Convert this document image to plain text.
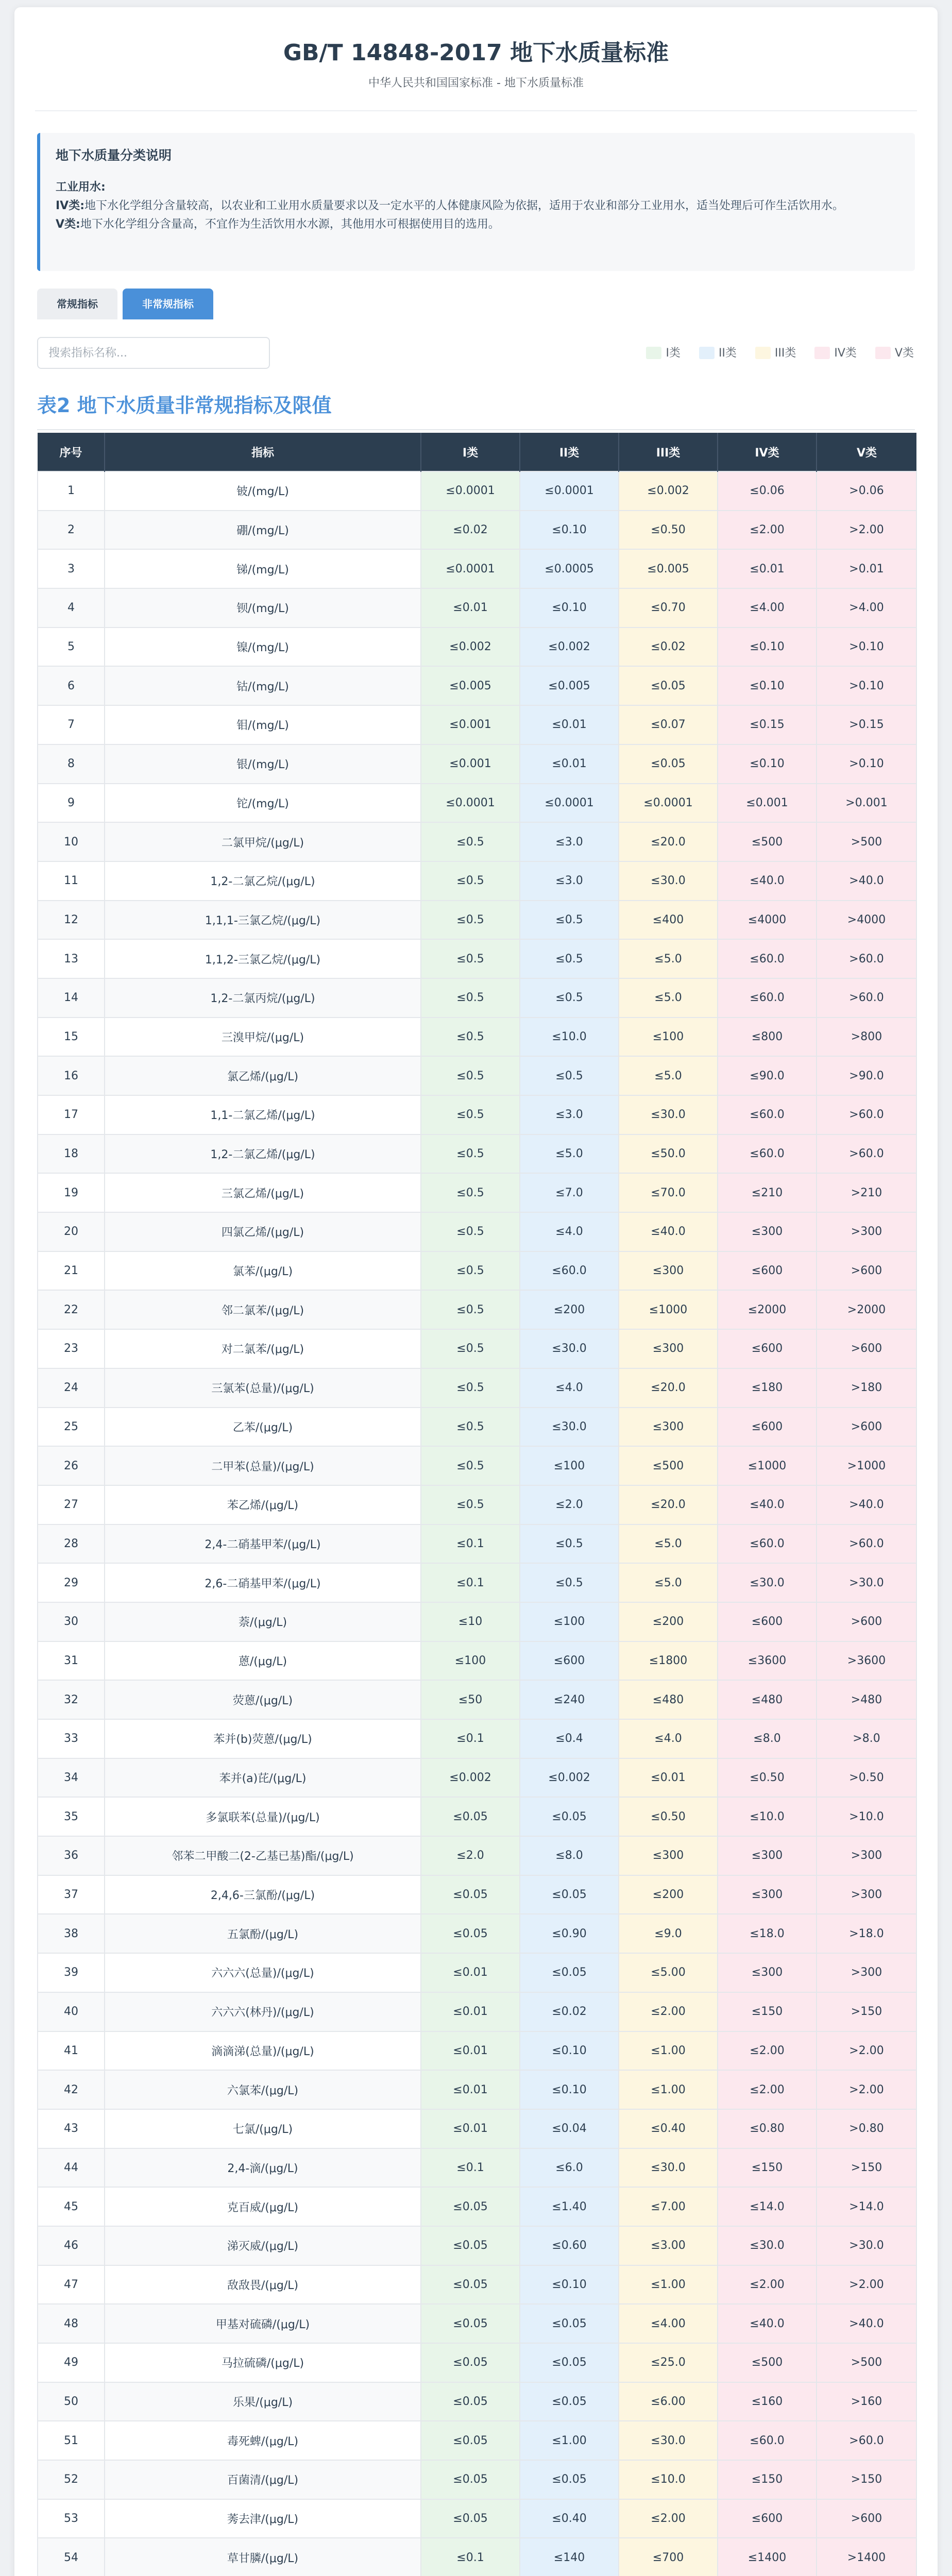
GB/T 14848-2017 地下水质量标准
中华人民共和国国家标准 - 地下水质量标准
地下水质量分类说明
工业用水:
IV类:地下水化学组分含量较高，以农业和工业用水质量要求以及一定水平的人体健康风险为依据，适用于农业和部分工业用水，适当处理后可作生活饮用水。
V类:地下水化学组分含量高，不宜作为生活饮用水水源，其他用水可根据使用目的选用。
常规指标	非常规指标
搜索指标名称...
I类	II类	III类	IV类	V类
表2 地下水质量非常规指标及限值
序号	指标	I类	II类	III类	IV类	V类
1	铍/(mg/L)	≤0.0001	≤0.0001	≤0.002	≤0.06	>0.06
2	硼/(mg/L)	≤0.02	≤0.10	≤0.50	≤2.00	>2.00
3	锑/(mg/L)	≤0.0001	≤0.0005	≤0.005	≤0.01	>0.01
4	钡/(mg/L)	≤0.01	≤0.10	≤0.70	≤4.00	>4.00
5	镍/(mg/L)	≤0.002	≤0.002	≤0.02	≤0.10	>0.10
6	钴/(mg/L)	≤0.005	≤0.005	≤0.05	≤0.10	>0.10
7	钼/(mg/L)	≤0.001	≤0.01	≤0.07	≤0.15	>0.15
8	银/(mg/L)	≤0.001	≤0.01	≤0.05	≤0.10	>0.10
9	铊/(mg/L)	≤0.0001	≤0.0001	≤0.0001	≤0.001	>0.001
10	二氯甲烷/(μg/L)	≤0.5	≤3.0	≤20.0	≤500	>500
11	1,2-二氯乙烷/(μg/L)	≤0.5	≤3.0	≤30.0	≤40.0	>40.0
12	1,1,1-三氯乙烷/(μg/L)	≤0.5	≤0.5	≤400	≤4000	>4000
13	1,1,2-三氯乙烷/(μg/L)	≤0.5	≤0.5	≤5.0	≤60.0	>60.0
14	1,2-二氯丙烷/(μg/L)	≤0.5	≤0.5	≤5.0	≤60.0	>60.0
15	三溴甲烷/(μg/L)	≤0.5	≤10.0	≤100	≤800	>800
16	氯乙烯/(μg/L)	≤0.5	≤0.5	≤5.0	≤90.0	>90.0
17	1,1-二氯乙烯/(μg/L)	≤0.5	≤3.0	≤30.0	≤60.0	>60.0
18	1,2-二氯乙烯/(μg/L)	≤0.5	≤5.0	≤50.0	≤60.0	>60.0
19	三氯乙烯/(μg/L)	≤0.5	≤7.0	≤70.0	≤210	>210
20	四氯乙烯/(μg/L)	≤0.5	≤4.0	≤40.0	≤300	>300
21	氯苯/(μg/L)	≤0.5	≤60.0	≤300	≤600	>600
22	邻二氯苯/(μg/L)	≤0.5	≤200	≤1000	≤2000	>2000
23	对二氯苯/(μg/L)	≤0.5	≤30.0	≤300	≤600	>600
24	三氯苯(总量)/(μg/L)	≤0.5	≤4.0	≤20.0	≤180	>180
25	乙苯/(μg/L)	≤0.5	≤30.0	≤300	≤600	>600
26	二甲苯(总量)/(μg/L)	≤0.5	≤100	≤500	≤1000	>1000
27	苯乙烯/(μg/L)	≤0.5	≤2.0	≤20.0	≤40.0	>40.0
28	2,4-二硝基甲苯/(μg/L)	≤0.1	≤0.5	≤5.0	≤60.0	>60.0
29	2,6-二硝基甲苯/(μg/L)	≤0.1	≤0.5	≤5.0	≤30.0	>30.0
30	萘/(μg/L)	≤10	≤100	≤200	≤600	>600
31	蒽/(μg/L)	≤100	≤600	≤1800	≤3600	>3600
32	荧蒽/(μg/L)	≤50	≤240	≤480	≤480	>480
33	苯并(b)荧蒽/(μg/L)	≤0.1	≤0.4	≤4.0	≤8.0	>8.0
34	苯并(a)芘/(μg/L)	≤0.002	≤0.002	≤0.01	≤0.50	>0.50
35	多氯联苯(总量)/(μg/L)	≤0.05	≤0.05	≤0.50	≤10.0	>10.0
36	邻苯二甲酸二(2-乙基已基)酯/(μg/L)	≤2.0	≤8.0	≤300	≤300	>300
37	2,4,6-三氯酚/(μg/L)	≤0.05	≤0.05	≤200	≤300	>300
38	五氯酚/(μg/L)	≤0.05	≤0.90	≤9.0	≤18.0	>18.0
39	六六六(总量)/(μg/L)	≤0.01	≤0.05	≤5.00	≤300	>300
40	六六六(林丹)/(μg/L)	≤0.01	≤0.02	≤2.00	≤150	>150
41	滴滴涕(总量)/(μg/L)	≤0.01	≤0.10	≤1.00	≤2.00	>2.00
42	六氯苯/(μg/L)	≤0.01	≤0.10	≤1.00	≤2.00	>2.00
43	七氯/(μg/L)	≤0.01	≤0.04	≤0.40	≤0.80	>0.80
44	2,4-滴/(μg/L)	≤0.1	≤6.0	≤30.0	≤150	>150
45	克百威/(μg/L)	≤0.05	≤1.40	≤7.00	≤14.0	>14.0
46	涕灭威/(μg/L)	≤0.05	≤0.60	≤3.00	≤30.0	>30.0
47	敌敌畏/(μg/L)	≤0.05	≤0.10	≤1.00	≤2.00	>2.00
48	甲基对硫磷/(μg/L)	≤0.05	≤0.05	≤4.00	≤40.0	>40.0
49	马拉硫磷/(μg/L)	≤0.05	≤0.05	≤25.0	≤500	>500
50	乐果/(μg/L)	≤0.05	≤0.05	≤6.00	≤160	>160
51	毒死蜱/(μg/L)	≤0.05	≤1.00	≤30.0	≤60.0	>60.0
52	百菌清/(μg/L)	≤0.05	≤0.05	≤10.0	≤150	>150
53	莠去津/(μg/L)	≤0.05	≤0.40	≤2.00	≤600	>600
54	草甘膦/(μg/L)	≤0.1	≤140	≤700	≤1400	>1400
